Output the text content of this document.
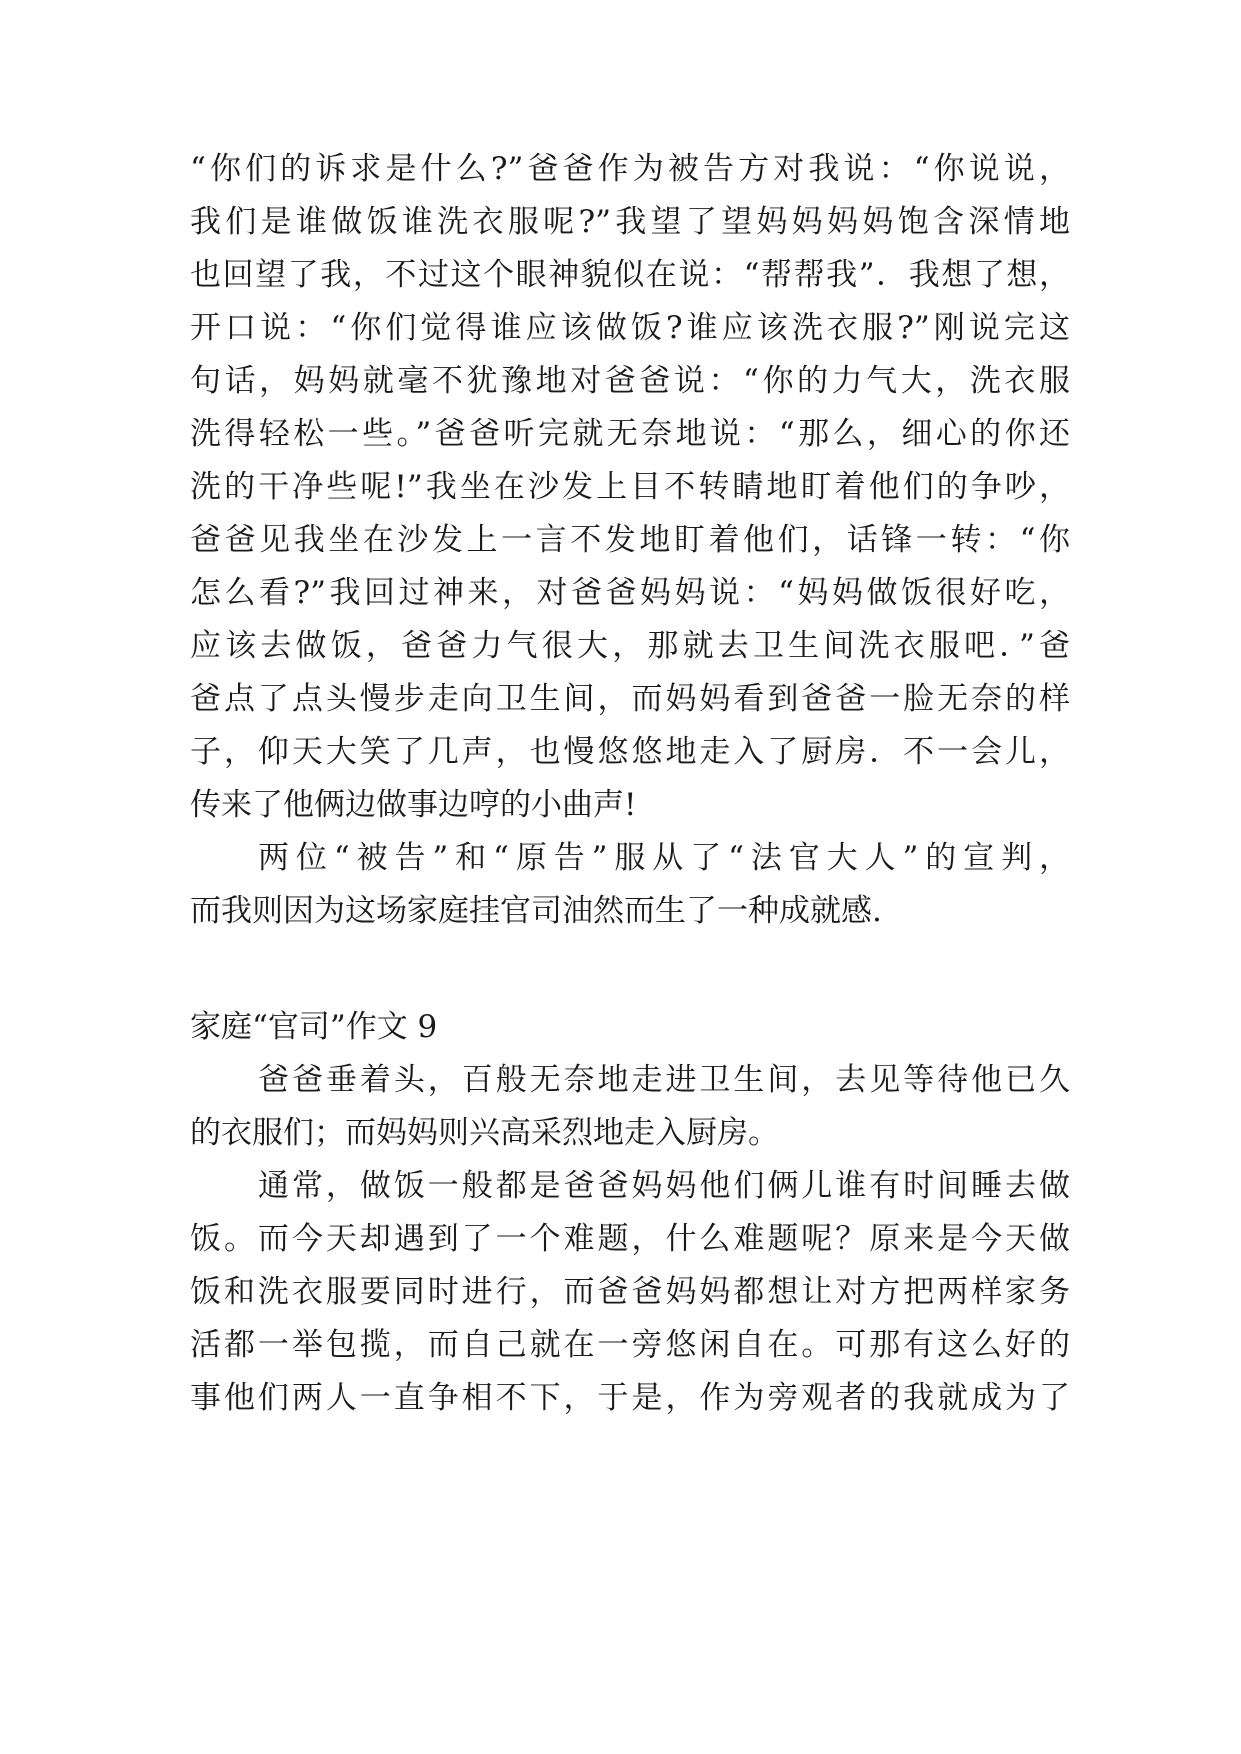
“你们的诉求是什么?”爸爸作为被告方对我说：“你说说，
我们是谁做饭谁洗衣服呢?”我望了望妈妈妈妈饱含深情地
也回望了我，不过这个眼神貌似在说：“帮帮我”．我想了想，
开口说：“你们觉得谁应该做饭?谁应该洗衣服?”刚说完这
句话，妈妈就毫不犹豫地对爸爸说：“你的力气大，洗衣服
洗得轻松一些。”爸爸听完就无奈地说：“那么，细心的你还
洗的干净些呢!”我坐在沙发上目不转睛地盯着他们的争吵，
爸爸见我坐在沙发上一言不发地盯着他们，话锋一转：“你
怎么看?”我回过神来，对爸爸妈妈说：“妈妈做饭很好吃，
应该去做饭，爸爸力气很大，那就去卫生间洗衣服吧．”爸
爸点了点头慢步走向卫生间，而妈妈看到爸爸一脸无奈的样
子，仰天大笑了几声，也慢悠悠地走入了厨房．不一会儿，
传来了他俩边做事边哼的小曲声!
两位“被告”和“原告”服从了“法官大人”的宣判，
而我则因为这场家庭挂官司油然而生了一种成就感.
家庭“官司”作文 9
爸爸垂着头，百般无奈地走进卫生间，去见等待他已久
的衣服们；而妈妈则兴高采烈地走入厨房。
通常，做饭一般都是爸爸妈妈他们俩儿谁有时间睡去做
饭。而今天却遇到了一个难题，什么难题呢？原来是今天做
饭和洗衣服要同时进行，而爸爸妈妈都想让对方把两样家务
活都一举包揽，而自己就在一旁悠闲自在。可那有这么好的
事他们两人一直争相不下，于是，作为旁观者的我就成为了
